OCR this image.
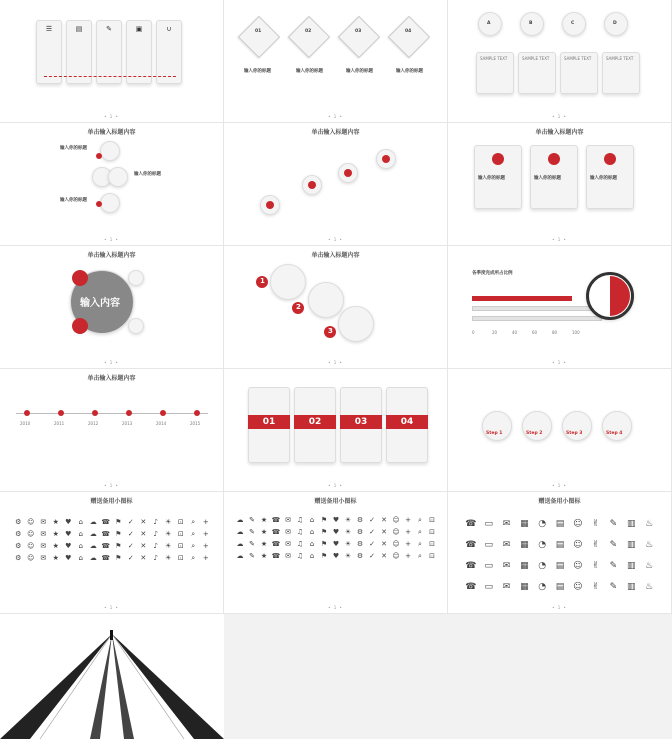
☰	▤	✎	▣	∪
• 1 •
01	02	03	04
输入你的标题	输入你的标题	输入你的标题	输入你的标题
• 1 •
A	B	C	D
SAMPLE TEXT	SAMPLE TEXT	SAMPLE TEXT	SAMPLE TEXT
• 1 •
单击输入标题内容
输入你的标题
输入你的标题
输入你的标题
• 1 •
单击输入标题内容
• 1 •
单击输入标题内容
输入你的标题	输入你的标题	输入你的标题
• 1 •
单击输入标题内容
输入内容
• 1 •
单击输入标题内容
1
2
3
• 1 •
各季度完成所占比例
0	20	40	60	80	100
• 1 •
单击输入标题内容
2010	2011	2012	2013	2014	2015
• 1 •
01	02	03	04
• 1 •
Step 1	Step 2	Step 3	Step 4
• 1 •
赠送备用小图标
⚙ ☺ ✉ ★ ♥	⌂ ☁ ☎ ⚑ ✓ ✕	♪	☀ ⊡	⌕	+
⚙ ☺ ✉ ★ ♥	⌂ ☁ ☎ ⚑ ✓ ✕	♪	☀ ⊡	⌕	+
⚙ ☺ ✉ ★ ♥	⌂ ☁ ☎ ⚑ ✓ ✕	♪	☀ ⊡	⌕	+
⚙ ☺ ✉ ★ ♥	⌂ ☁ ☎ ⚑ ✓ ✕	♪	☀ ⊡	⌕	+
• 1 •
赠送备用小图标
☁ ✎ ★ ☎ ✉ ♫ ⌂ ⚑ ♥ ☀ ⚙ ✓ ✕ ☺ +	⌕	⊡
☁ ✎ ★ ☎ ✉ ♫ ⌂ ⚑ ♥ ☀ ⚙ ✓ ✕ ☺ +	⌕	⊡
☁ ✎ ★ ☎ ✉ ♫ ⌂ ⚑ ♥ ☀ ⚙ ✓ ✕ ☺ +	⌕	⊡
☁ ✎ ★ ☎ ✉ ♫ ⌂ ⚑ ♥ ☀ ⚙ ✓ ✕ ☺ +	⌕	⊡
• 1 •
赠送备用小图标
☎ ▭	✉	▦	◔	▤ ☺	✌	✎	▥	♨
☎ ▭	✉	▦	◔	▤ ☺	✌	✎	▥	♨
☎ ▭	✉	▦	◔	▤ ☺	✌	✎	▥	♨
☎ ▭	✉	▦	◔	▤ ☺	✌	✎	▥	♨
• 1 •
